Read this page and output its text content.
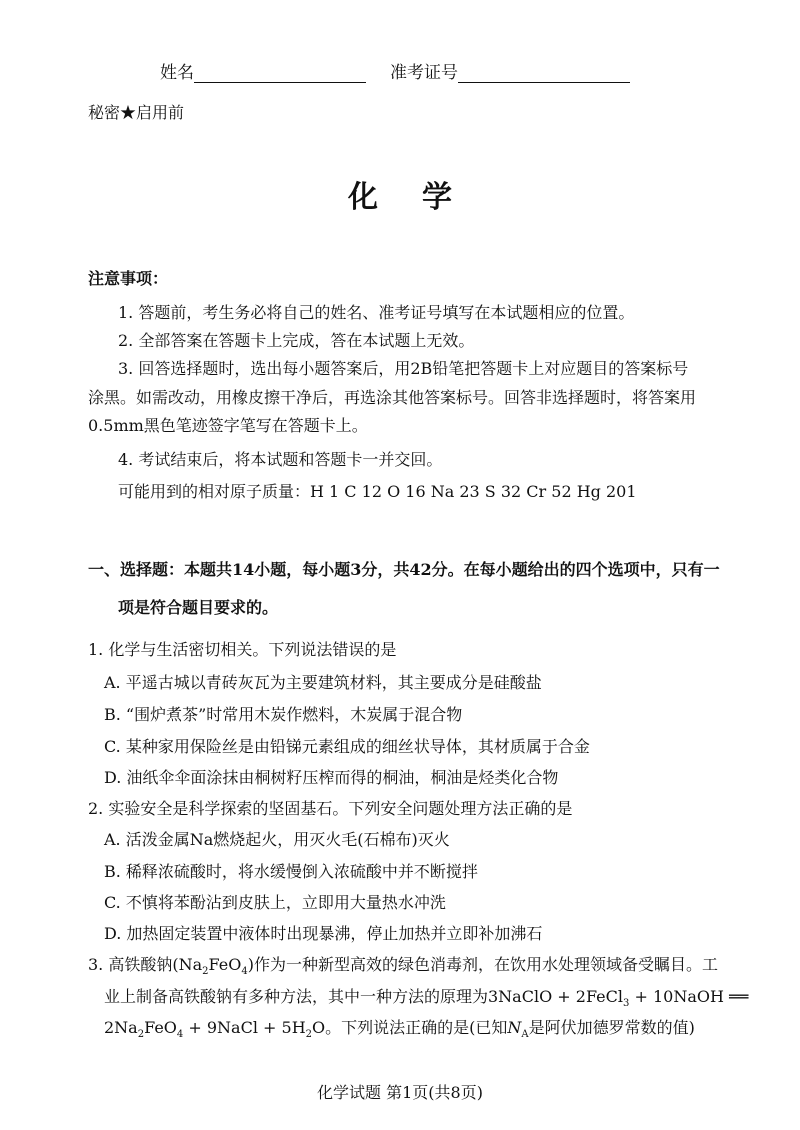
姓名	准考证号
秘密★启用前
化学
注意事项：
1. 答题前，考生务必将自己的姓名、准考证号填写在本试题相应的位置。
2. 全部答案在答题卡上完成，答在本试题上无效。
3. 回答选择题时，选出每小题答案后，用2B铅笔把答题卡上对应题目的答案标号
涂黑。如需改动，用橡皮擦干净后，再选涂其他答案标号。回答非选择题时，将答案用
0.5mm黑色笔迹签字笔写在答题卡上。
4. 考试结束后，将本试题和答题卡一并交回。
可能用到的相对原子质量：H 1 C 12 O 16 Na 23 S 32 Cr 52 Hg 201
一、选择题：本题共14小题，每小题3分，共42分。在每小题给出的四个选项中，只有一
项是符合题目要求的。
1. 化学与生活密切相关。下列说法错误的是
A. 平遥古城以青砖灰瓦为主要建筑材料，其主要成分是硅酸盐
B. “围炉煮茶”时常用木炭作燃料，木炭属于混合物
C. 某种家用保险丝是由铅锑元素组成的细丝状导体，其材质属于合金
D. 油纸伞伞面涂抹由桐树籽压榨而得的桐油，桐油是烃类化合物
2. 实验安全是科学探索的坚固基石。下列安全问题处理方法正确的是
A. 活泼金属Na燃烧起火，用灭火毛(石棉布)灭火
B. 稀释浓硫酸时，将水缓慢倒入浓硫酸中并不断搅拌
C. 不慎将苯酚沾到皮肤上，立即用大量热水冲洗
D. 加热固定装置中液体时出现暴沸，停止加热并立即补加沸石
3. 高铁酸钠$(Na_2FeO_4)$作为一种新型高效的绿色消毒剂，在饮用水处理领域备受瞩目。工
业上制备高铁酸钠有多种方法，其中一种方法的原理为3NaClO + 2FeCl$_3$ + 10NaOH ══
$2Na_2FeO_4$ + 9NaCl + $5H_2O$。下列说法正确的是(已知$N_A$是阿伏加德罗常数的值)
化学试题 第1页(共8页)
